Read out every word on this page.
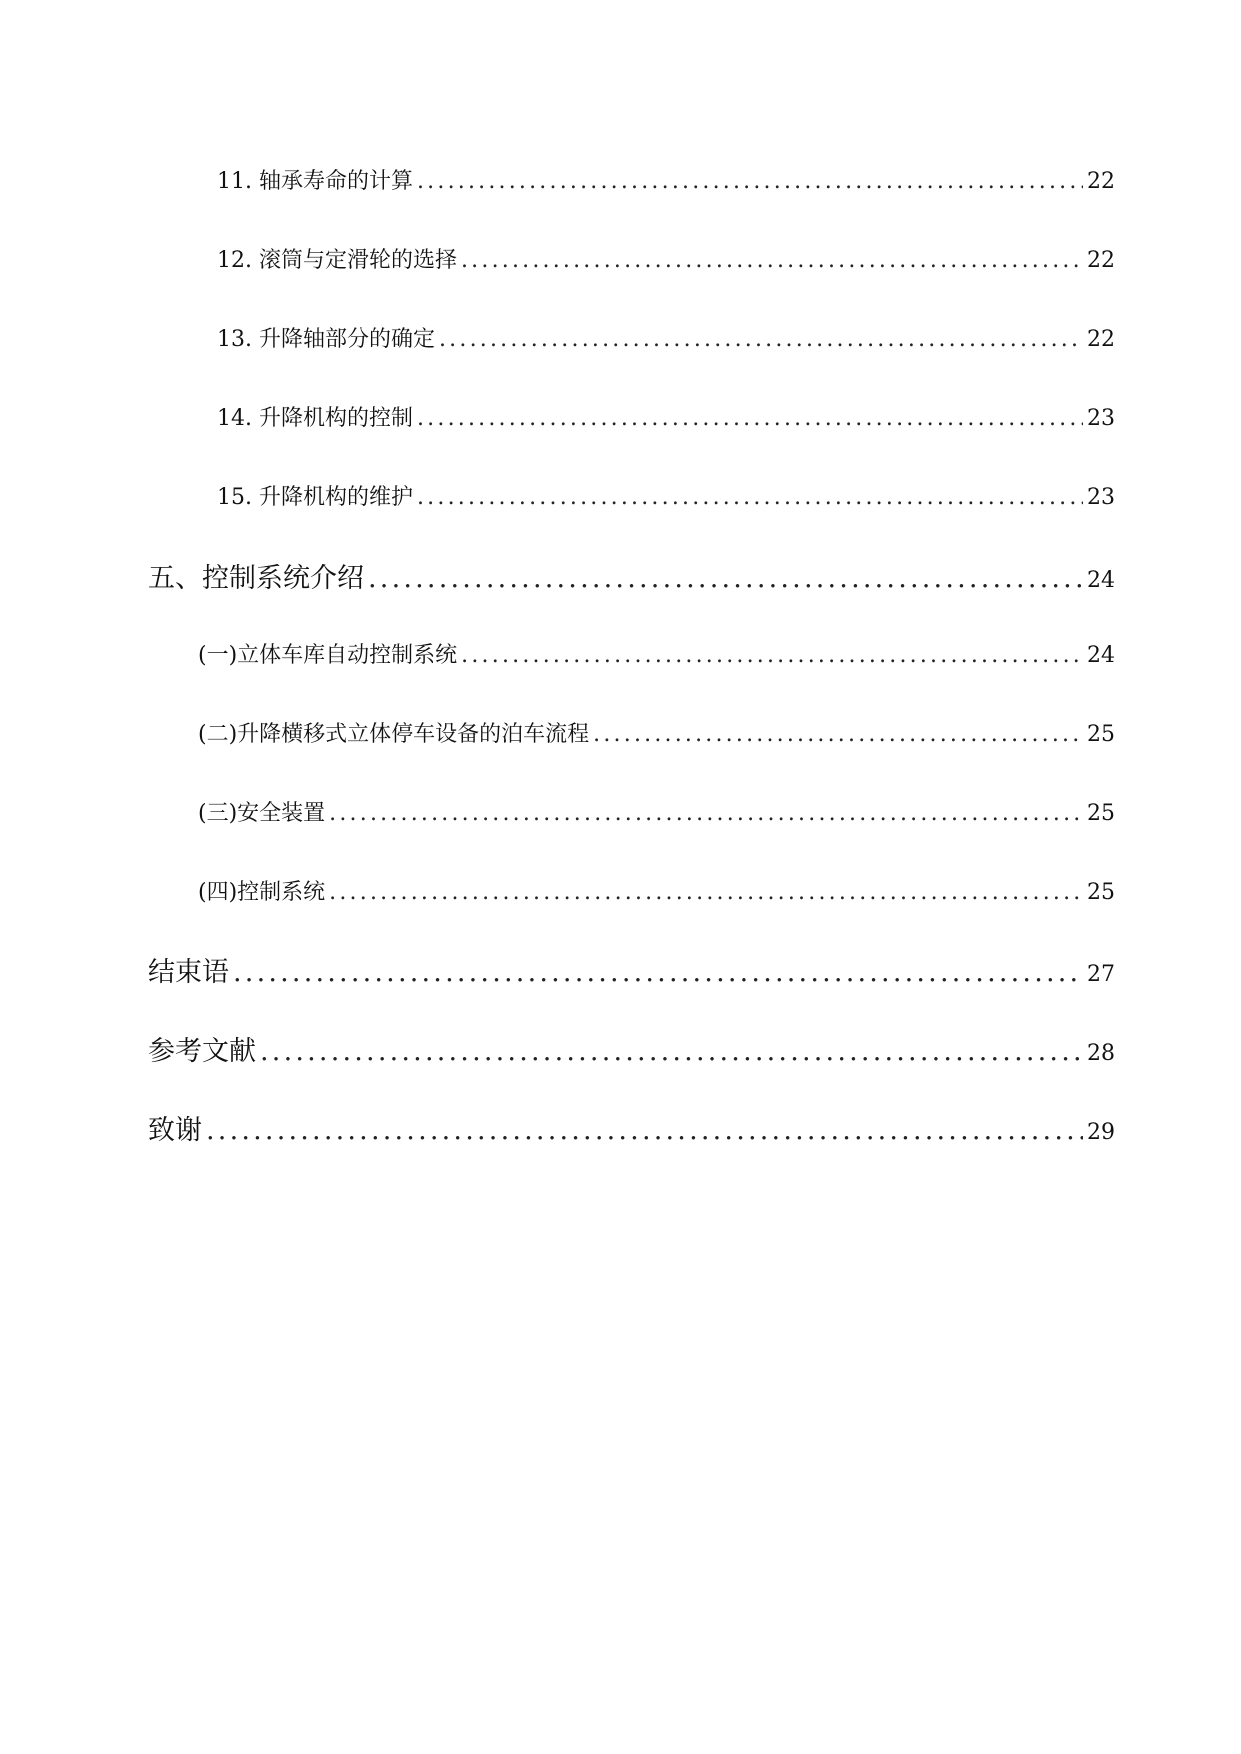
11. 轴承寿命的计算 .....	22
12. 滚筒与定滑轮的选择 .....	22
13. 升降轴部分的确定 .....	22
14. 升降机构的控制 .....	23
15. 升降机构的维护 .....	23
五、控制系统介绍 .....	24
(一)立体车库自动控制系统 .....	24
(二)升降横移式立体停车设备的泊车流程 .....	25
(三)安全装置 .....	25
(四)控制系统 .....	25
结束语 .....	27
参考文献 .....	28
致谢 .....	29
